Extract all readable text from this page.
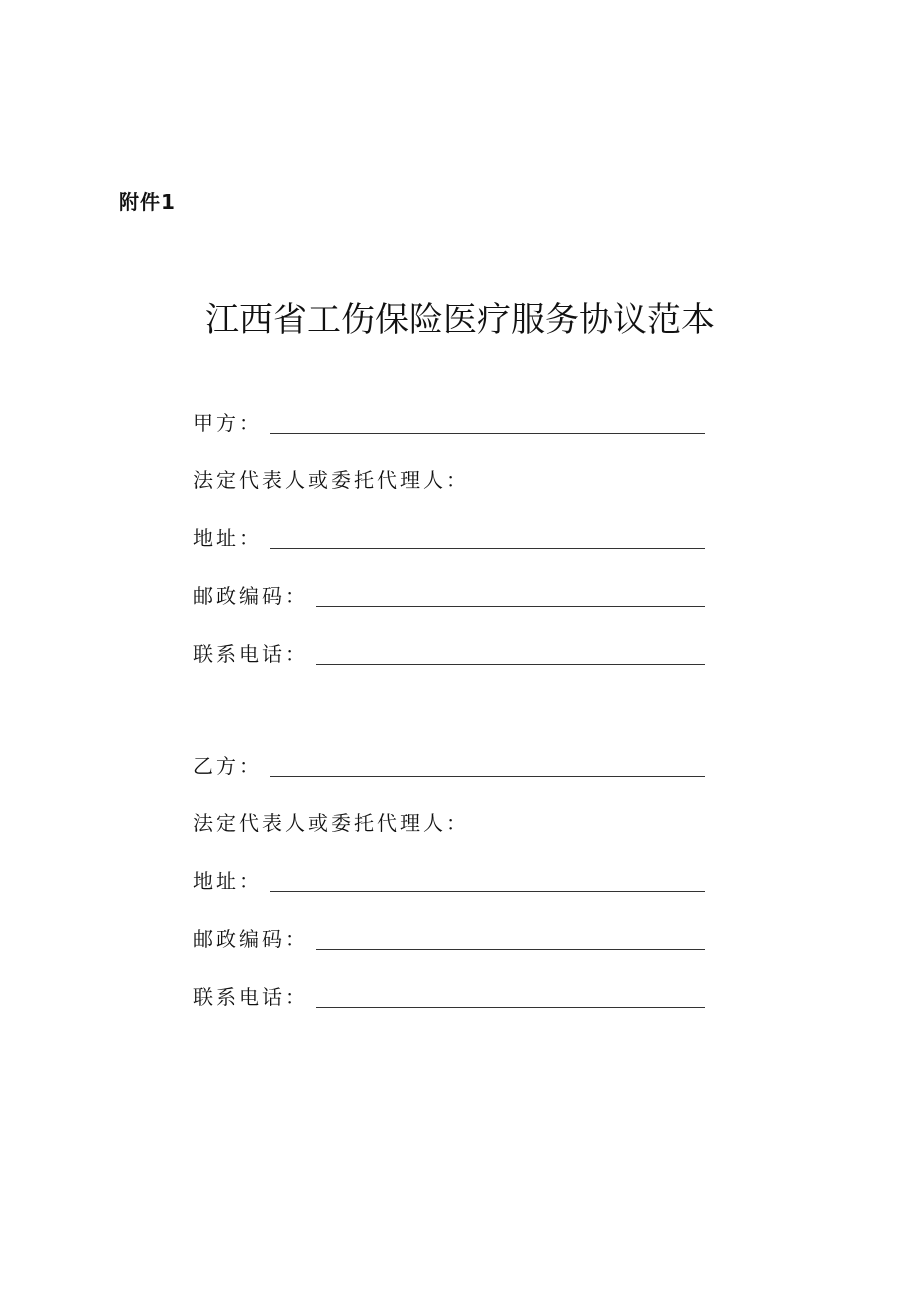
附件1
江西省工伤保险医疗服务协议范本
甲方：
法定代表人或委托代理人：
地址：
邮政编码：
联系电话：
乙方：
法定代表人或委托代理人：
地址：
邮政编码：
联系电话：
